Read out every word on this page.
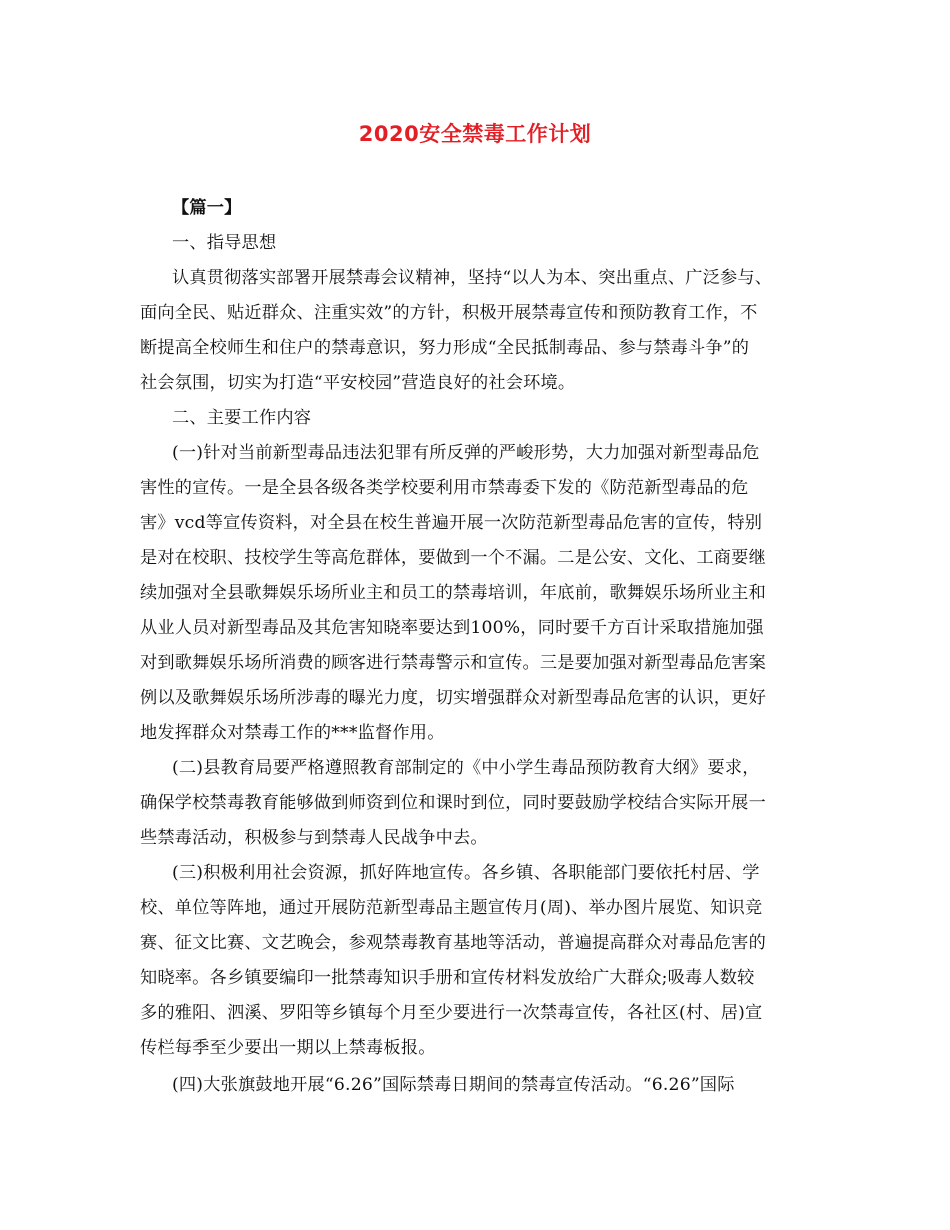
2020安全禁毒工作计划
【篇一】
一、指导思想
认真贯彻落实部署开展禁毒会议精神，坚持“以人为本、突出重点、广泛参与、
面向全民、贴近群众、注重实效”的方针，积极开展禁毒宣传和预防教育工作，不
断提高全校师生和住户的禁毒意识，努力形成“全民抵制毒品、参与禁毒斗争”的
社会氛围，切实为打造“平安校园”营造良好的社会环境。
二、主要工作内容
(一)针对当前新型毒品违法犯罪有所反弹的严峻形势，大力加强对新型毒品危
害性的宣传。一是全县各级各类学校要利用市禁毒委下发的《防范新型毒品的危
害》vcd等宣传资料，对全县在校生普遍开展一次防范新型毒品危害的宣传，特别
是对在校职、技校学生等高危群体，要做到一个不漏。二是公安、文化、工商要继
续加强对全县歌舞娱乐场所业主和员工的禁毒培训，年底前，歌舞娱乐场所业主和
从业人员对新型毒品及其危害知晓率要达到100%，同时要千方百计采取措施加强
对到歌舞娱乐场所消费的顾客进行禁毒警示和宣传。三是要加强对新型毒品危害案
例以及歌舞娱乐场所涉毒的曝光力度，切实增强群众对新型毒品危害的认识，更好
地发挥群众对禁毒工作的***监督作用。
(二)县教育局要严格遵照教育部制定的《中小学生毒品预防教育大纲》要求，
确保学校禁毒教育能够做到师资到位和课时到位，同时要鼓励学校结合实际开展一
些禁毒活动，积极参与到禁毒人民战争中去。
(三)积极利用社会资源，抓好阵地宣传。各乡镇、各职能部门要依托村居、学
校、单位等阵地，通过开展防范新型毒品主题宣传月(周)、举办图片展览、知识竞
赛、征文比赛、文艺晚会，参观禁毒教育基地等活动，普遍提高群众对毒品危害的
知晓率。各乡镇要编印一批禁毒知识手册和宣传材料发放给广大群众;吸毒人数较
多的雅阳、泗溪、罗阳等乡镇每个月至少要进行一次禁毒宣传，各社区(村、居)宣
传栏每季至少要出一期以上禁毒板报。
(四)大张旗鼓地开展“6.26”国际禁毒日期间的禁毒宣传活动。“6.26”国际
